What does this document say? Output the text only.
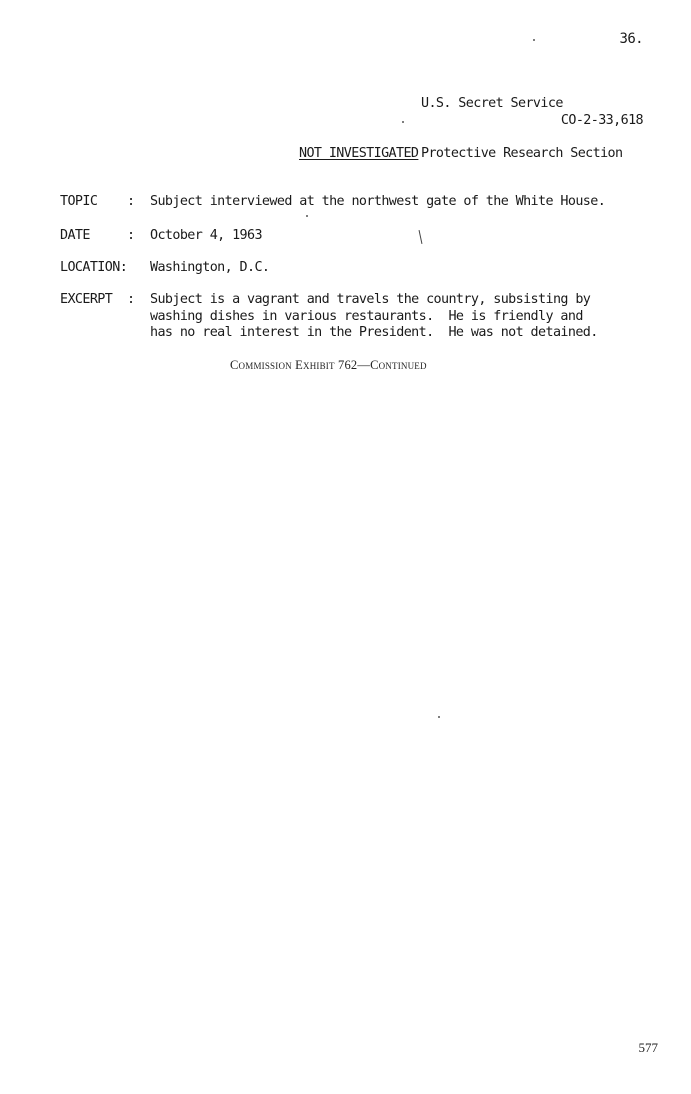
36.

U.S. Secret Service

Protective Research Section

CO-2-33,618
NOT INVESTIGATED
TOPIC : Subject interviewed at the northwest gate of the White House.
DATE	: October 4, 1963
LOCATION: Washington, D.C.
EXCERPT : Subject is a vagrant and travels the country, subsisting by
washing dishes in various restaurants.  He is friendly and
has no real interest in the President.  He was not detained.
Commission Exhibit 762—Continued
577
